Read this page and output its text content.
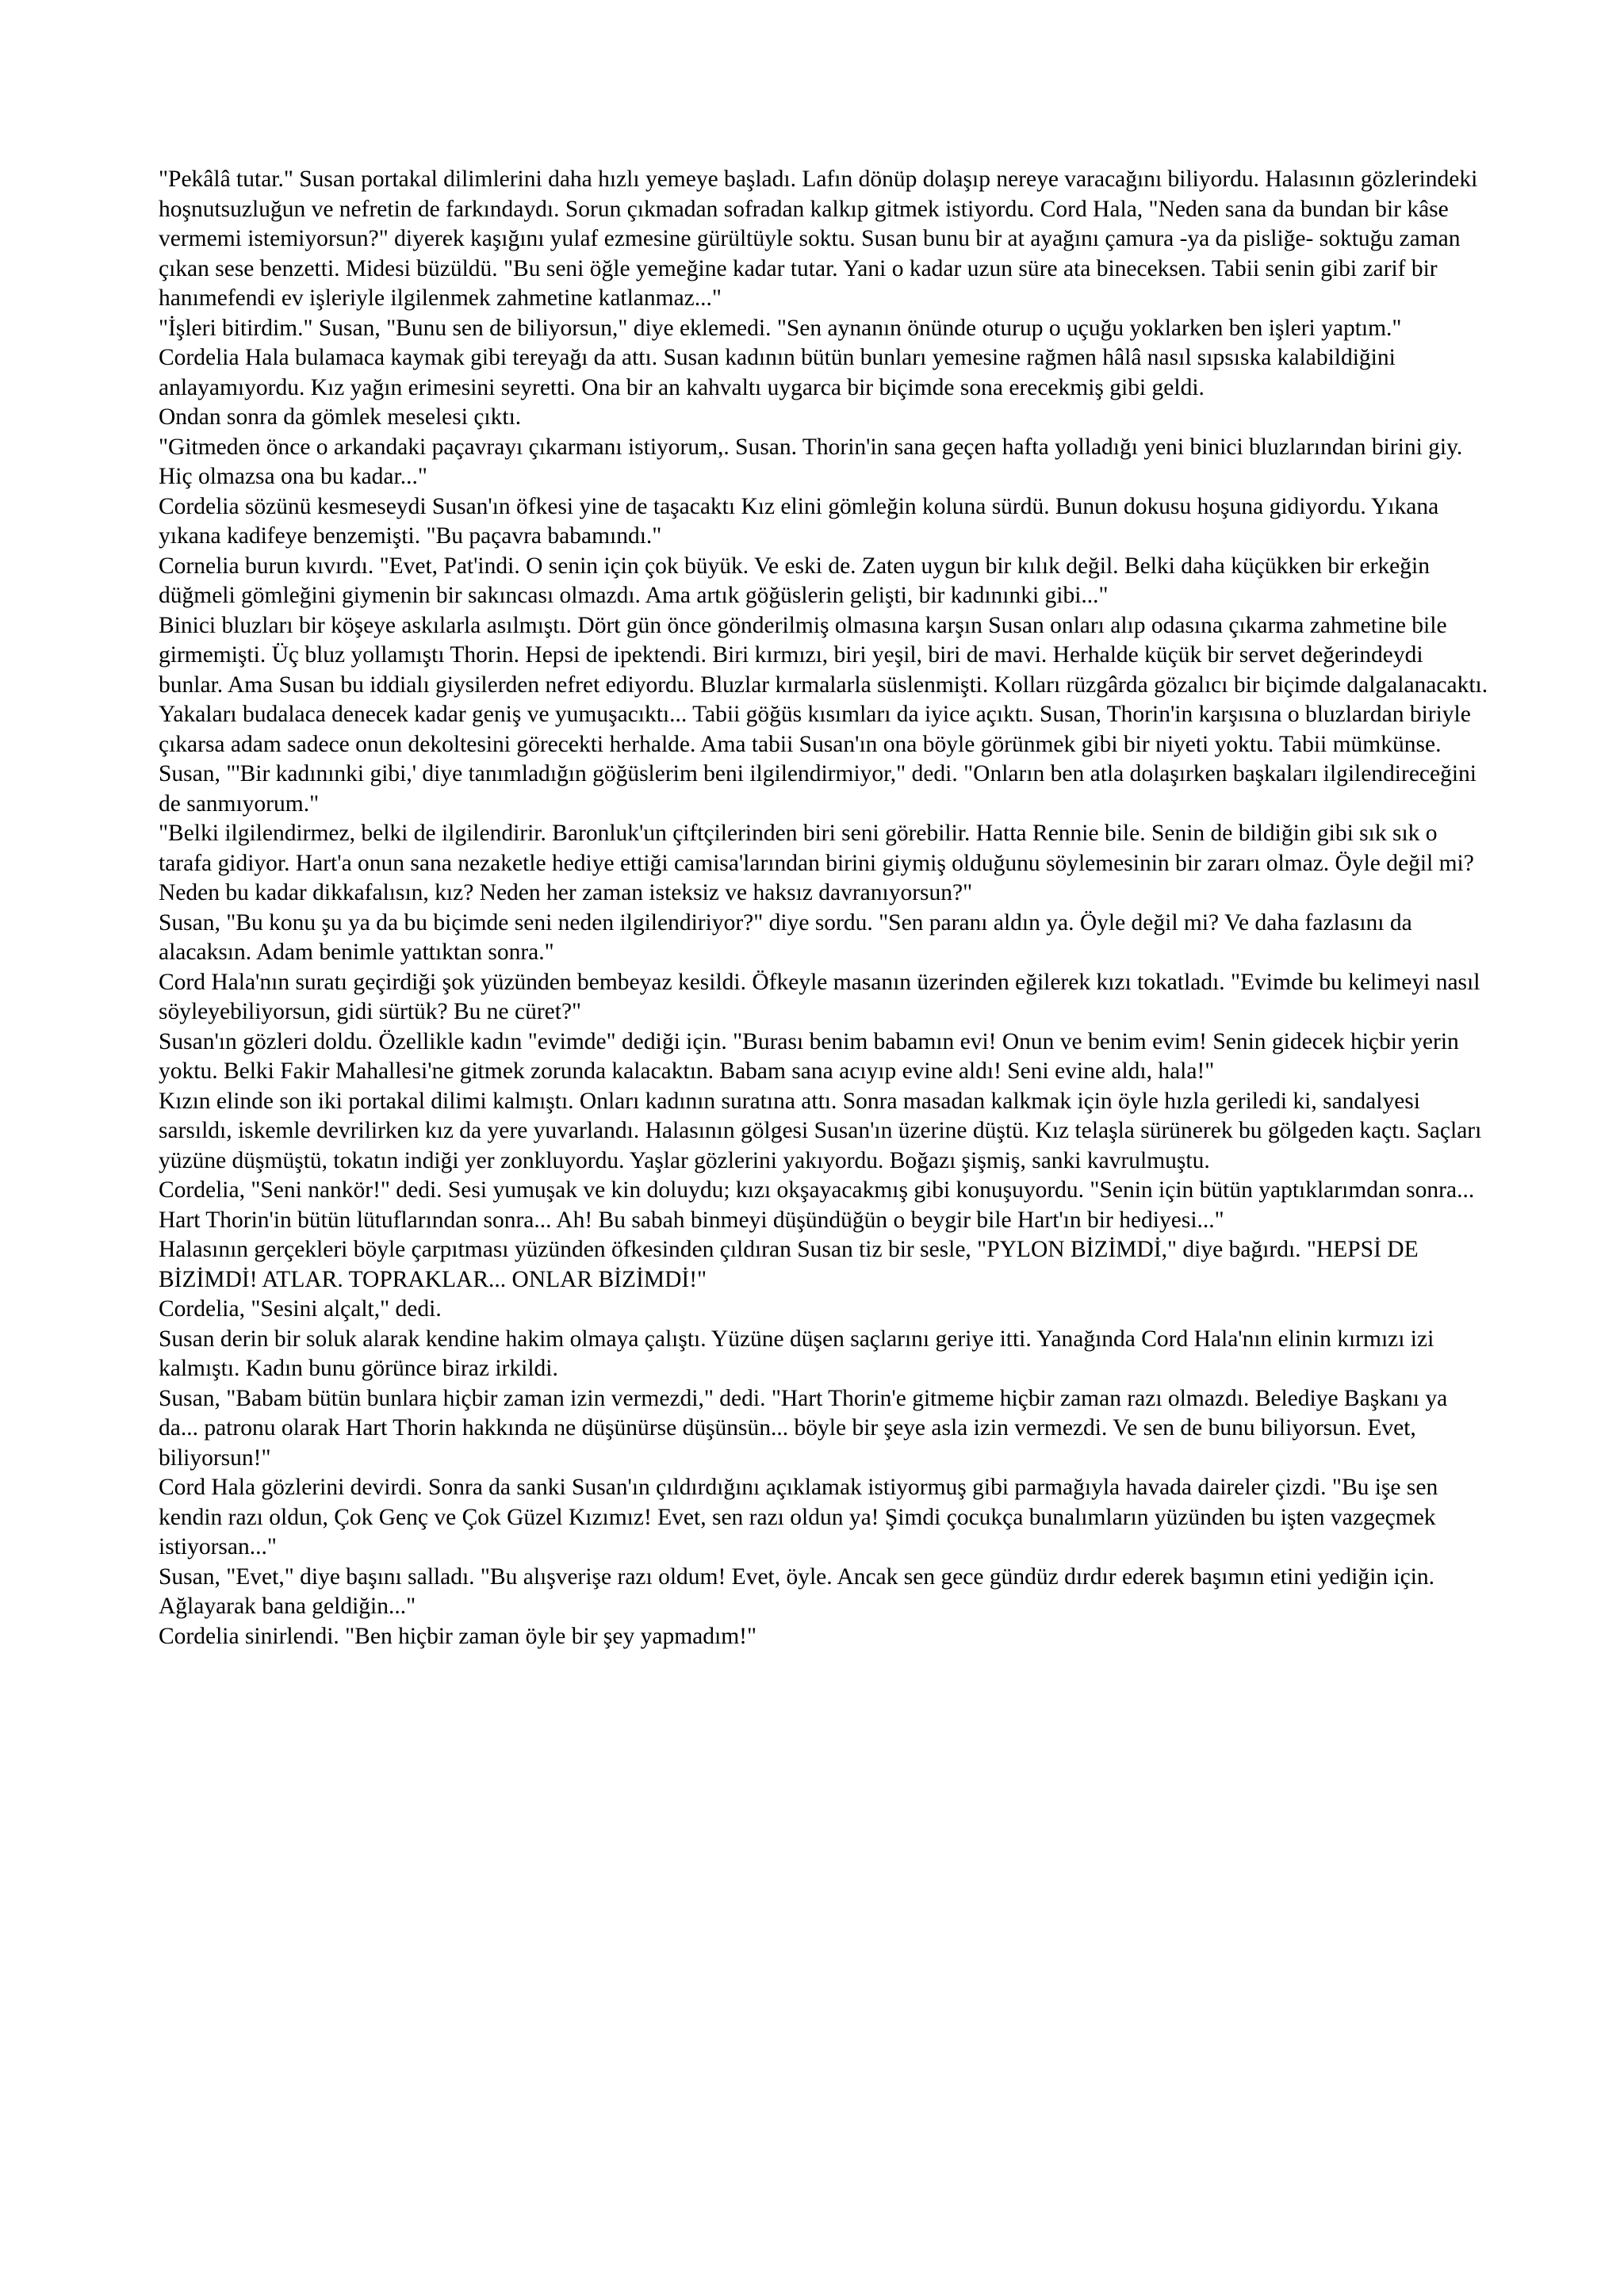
"Pekâlâ tutar." Susan portakal dilimlerini daha hızlı yemeye başladı. Lafın dönüp dolaşıp nereye varacağını biliyordu. Halasının gözlerindeki hoşnutsuzluğun ve nefretin de farkındaydı. Sorun çıkmadan sofradan kalkıp gitmek istiyordu. Cord Hala, "Neden sana da bundan bir kâse vermemi istemiyorsun?" diyerek kaşığını yulaf ezmesine gürültüyle soktu. Susan bunu bir at ayağını çamura -ya da pisliğe- soktuğu zaman çıkan sese benzetti. Midesi büzüldü. "Bu seni öğle yemeğine kadar tutar. Yani o kadar uzun süre ata bineceksen. Tabii senin gibi zarif bir hanımefendi ev işleriyle ilgilenmek zahmetine katlanmaz..."

"İşleri bitirdim." Susan, "Bunu sen de biliyorsun," diye eklemedi. "Sen aynanın önünde oturup o uçuğu yoklarken ben işleri yaptım."

Cordelia Hala bulamaca kaymak gibi tereyağı da attı. Susan kadının bütün bunları yemesine rağmen hâlâ nasıl sıpsıska kalabildiğini anlayamıyordu. Kız yağın erimesini seyretti. Ona bir an kahvaltı uygarca bir biçimde sona erecekmiş gibi geldi.

Ondan sonra da gömlek meselesi çıktı.

"Gitmeden önce o arkandaki paçavrayı çıkarmanı istiyorum,. Susan. Thorin'in sana geçen hafta yolladığı yeni binici bluzlarından birini giy. Hiç olmazsa ona bu kadar..."

Cordelia sözünü kesmeseydi Susan'ın öfkesi yine de taşacaktı Kız elini gömleğin koluna sürdü. Bunun dokusu hoşuna gidiyordu. Yıkana yıkana kadifeye benzemişti. "Bu paçavra babamındı."

Cornelia burun kıvırdı. "Evet, Pat'indi. O senin için çok büyük. Ve eski de. Zaten uygun bir kılık değil. Belki daha küçükken bir erkeğin düğmeli gömleğini giymenin bir sakıncası olmazdı. Ama artık göğüslerin gelişti, bir kadınınki gibi..."

Binici bluzları bir köşeye askılarla asılmıştı. Dört gün önce gönderilmiş olmasına karşın Susan onları alıp odasına çıkarma zahmetine bile girmemişti. Üç bluz yollamıştı Thorin. Hepsi de ipektendi. Biri kırmızı, biri yeşil, biri de mavi. Herhalde küçük bir servet değerindeydi bunlar. Ama Susan bu iddialı giysilerden nefret ediyordu. Bluzlar kırmalarla süslenmişti. Kolları rüzgârda gözalıcı bir biçimde dalgalanacaktı. Yakaları budalaca denecek kadar geniş ve yumuşacıktı... Tabii göğüs kısımları da iyice açıktı. Susan, Thorin'in karşısına o bluzlardan biriyle çıkarsa adam sadece onun dekoltesini görecekti herhalde. Ama tabii Susan'ın ona böyle görünmek gibi bir niyeti yoktu. Tabii mümkünse.

Susan, "'Bir kadınınki gibi,' diye tanımladığın göğüslerim beni ilgilendirmiyor," dedi. "Onların ben atla dolaşırken başkaları ilgilendireceğini de sanmıyorum."

"Belki ilgilendirmez, belki de ilgilendirir. Baronluk'un çiftçilerinden biri seni görebilir. Hatta Rennie bile. Senin de bildiğin gibi sık sık o tarafa gidiyor. Hart'a onun sana nezaketle hediye ettiği camisa'larından birini giymiş olduğunu söylemesinin bir zararı olmaz. Öyle değil mi? Neden bu kadar dikkafalısın, kız? Neden her zaman isteksiz ve haksız davranıyorsun?"

Susan, "Bu konu şu ya da bu biçimde seni neden ilgilendiriyor?" diye sordu. "Sen paranı aldın ya. Öyle değil mi? Ve daha fazlasını da alacaksın. Adam benimle yattıktan sonra."

Cord Hala'nın suratı geçirdiği şok yüzünden bembeyaz kesildi. Öfkeyle masanın üzerinden eğilerek kızı tokatladı. "Evimde bu kelimeyi nasıl söyleyebiliyorsun, gidi sürtük? Bu ne cüret?"

Susan'ın gözleri doldu. Özellikle kadın "evimde" dediği için. "Burası benim babamın evi! Onun ve benim evim! Senin gidecek hiçbir yerin yoktu. Belki Fakir Mahallesi'ne gitmek zorunda kalacaktın. Babam sana acıyıp evine aldı! Seni evine aldı, hala!"

Kızın elinde son iki portakal dilimi kalmıştı. Onları kadının suratına attı. Sonra masadan kalkmak için öyle hızla geriledi ki, sandalyesi sarsıldı, iskemle devrilirken kız da yere yuvarlandı. Halasının gölgesi Susan'ın üzerine düştü. Kız telaşla sürünerek bu gölgeden kaçtı. Saçları yüzüne düşmüştü, tokatın indiği yer zonkluyordu. Yaşlar gözlerini yakıyordu. Boğazı şişmiş, sanki kavrulmuştu.

Cordelia, "Seni nankör!" dedi. Sesi yumuşak ve kin doluydu; kızı okşayacakmış gibi konuşuyordu. "Senin için bütün yaptıklarımdan sonra... Hart Thorin'in bütün lütuflarından sonra... Ah! Bu sabah binmeyi düşündüğün o beygir bile Hart'ın bir hediyesi..."

Halasının gerçekleri böyle çarpıtması yüzünden öfkesinden çıldıran Susan tiz bir sesle, "PYLON BİZİMDİ," diye bağırdı. "HEPSİ DE BİZİMDİ! ATLAR. TOPRAKLAR... ONLAR BİZİMDİ!"

Cordelia, "Sesini alçalt," dedi.

Susan derin bir soluk alarak kendine hakim olmaya çalıştı. Yüzüne düşen saçlarını geriye itti. Yanağında Cord Hala'nın elinin kırmızı izi kalmıştı. Kadın bunu görünce biraz irkildi.

Susan, "Babam bütün bunlara hiçbir zaman izin vermezdi," dedi. "Hart Thorin'e gitmeme hiçbir zaman razı olmazdı. Belediye Başkanı ya da... patronu olarak Hart Thorin hakkında ne düşünürse düşünsün... böyle bir şeye asla izin vermezdi. Ve sen de bunu biliyorsun. Evet, biliyorsun!"

Cord Hala gözlerini devirdi. Sonra da sanki Susan'ın çıldırdığını açıklamak istiyormuş gibi parmağıyla havada daireler çizdi. "Bu işe sen kendin razı oldun, Çok Genç ve Çok Güzel Kızımız! Evet, sen razı oldun ya! Şimdi çocukça bunalımların yüzünden bu işten vazgeçmek istiyorsan..."

Susan, "Evet," diye başını salladı. "Bu alışverişe razı oldum! Evet, öyle. Ancak sen gece gündüz dırdır ederek başımın etini yediğin için. Ağlayarak bana geldiğin..."

Cordelia sinirlendi. "Ben hiçbir zaman öyle bir şey yapmadım!"
